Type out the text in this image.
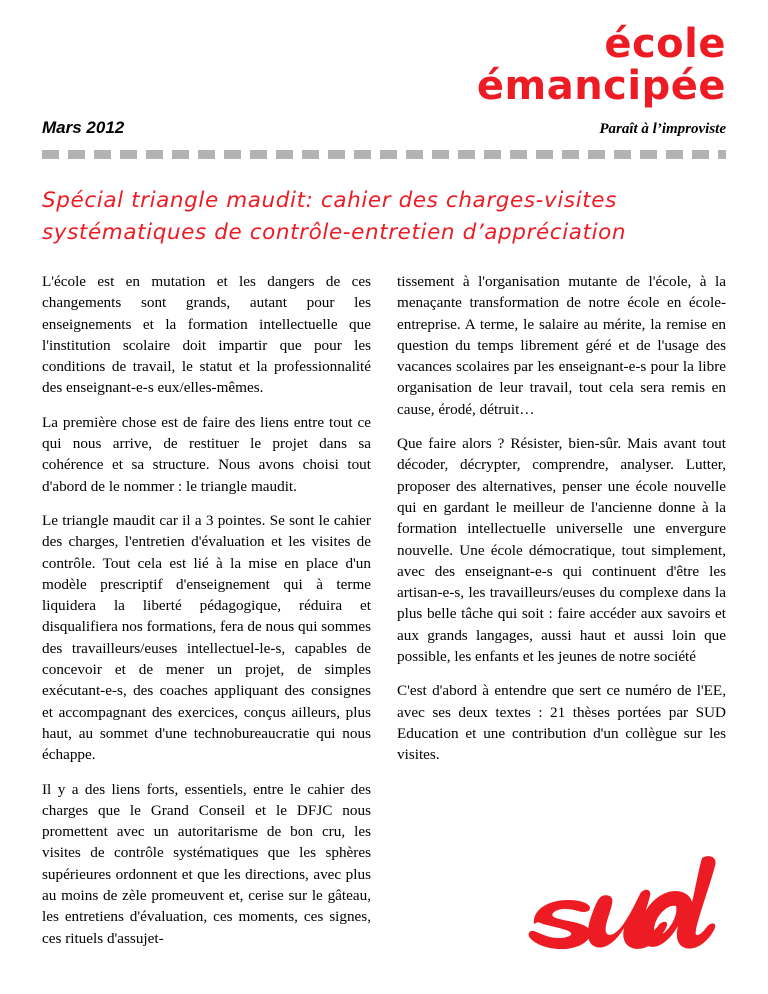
école
émancipée
Mars 2012	Paraît à l’improviste
Spécial triangle maudit: cahier des charges-visites systématiques de contrôle-entretien d’appréciation

L'école est en mutation et les dangers de ces changements sont grands, autant pour les enseignements et la formation intellectuelle que l'institution scolaire doit impartir que pour les conditions de travail, le statut et la professionnalité des enseignant-e-s eux/elles-mêmes.

La première chose est de faire des liens entre tout ce qui nous arrive, de restituer le projet dans sa cohérence et sa structure. Nous avons choisi tout d'abord de le nommer : le triangle maudit.

Le triangle maudit car il a 3 pointes. Se sont le cahier des charges, l'entretien d'évaluation et les visites de contrôle. Tout cela est lié à la mise en place d'un modèle prescriptif d'enseignement qui à terme liquidera la liberté pédagogique, réduira et disqualifiera nos formations, fera de nous qui sommes des travailleurs/euses intellectuel-le-s, capables de concevoir et de mener un projet, de simples exécutant-e-s, des coaches appliquant des consignes et accompagnant des exercices, conçus ailleurs, plus haut, au sommet d'une technobureaucratie qui nous échappe.

Il y a des liens forts, essentiels, entre le cahier des charges que le Grand Conseil et le DFJC nous promettent avec un autoritarisme de bon cru, les visites de contrôle systématiques que les sphères supérieures ordonnent et que les directions, avec plus au moins de zèle promeuvent et, cerise sur le gâteau, les entretiens d'évaluation, ces moments, ces signes, ces rituels d'assujet-

tissement à l'organisation mutante de l'école, à la menaçante transformation de notre école en école-entreprise. A terme, le salaire au mérite, la remise en question du temps librement géré et de l'usage des vacances scolaires par les enseignant-e-s pour la libre organisation de leur travail, tout cela sera remis en cause, érodé, détruit…

Que faire alors ? Résister, bien-sûr. Mais avant tout décoder, décrypter, comprendre, analyser. Lutter, proposer des alternatives, penser une école nouvelle qui en gardant le meilleur de l'ancienne donne à la formation intellectuelle universelle une envergure nouvelle. Une école démocratique, tout simplement, avec des enseignant-e-s qui continuent d'être les artisan-e-s, les travailleurs/euses du complexe dans la plus belle tâche qui soit : faire accéder aux savoirs et aux grands langages, aussi haut et aussi loin que possible, les enfants et les jeunes de notre société

C'est d'abord à entendre que sert ce numéro de l'EE, avec ses deux textes : 21 thèses portées par SUD Education et une contribution d'un collègue sur les visites.
